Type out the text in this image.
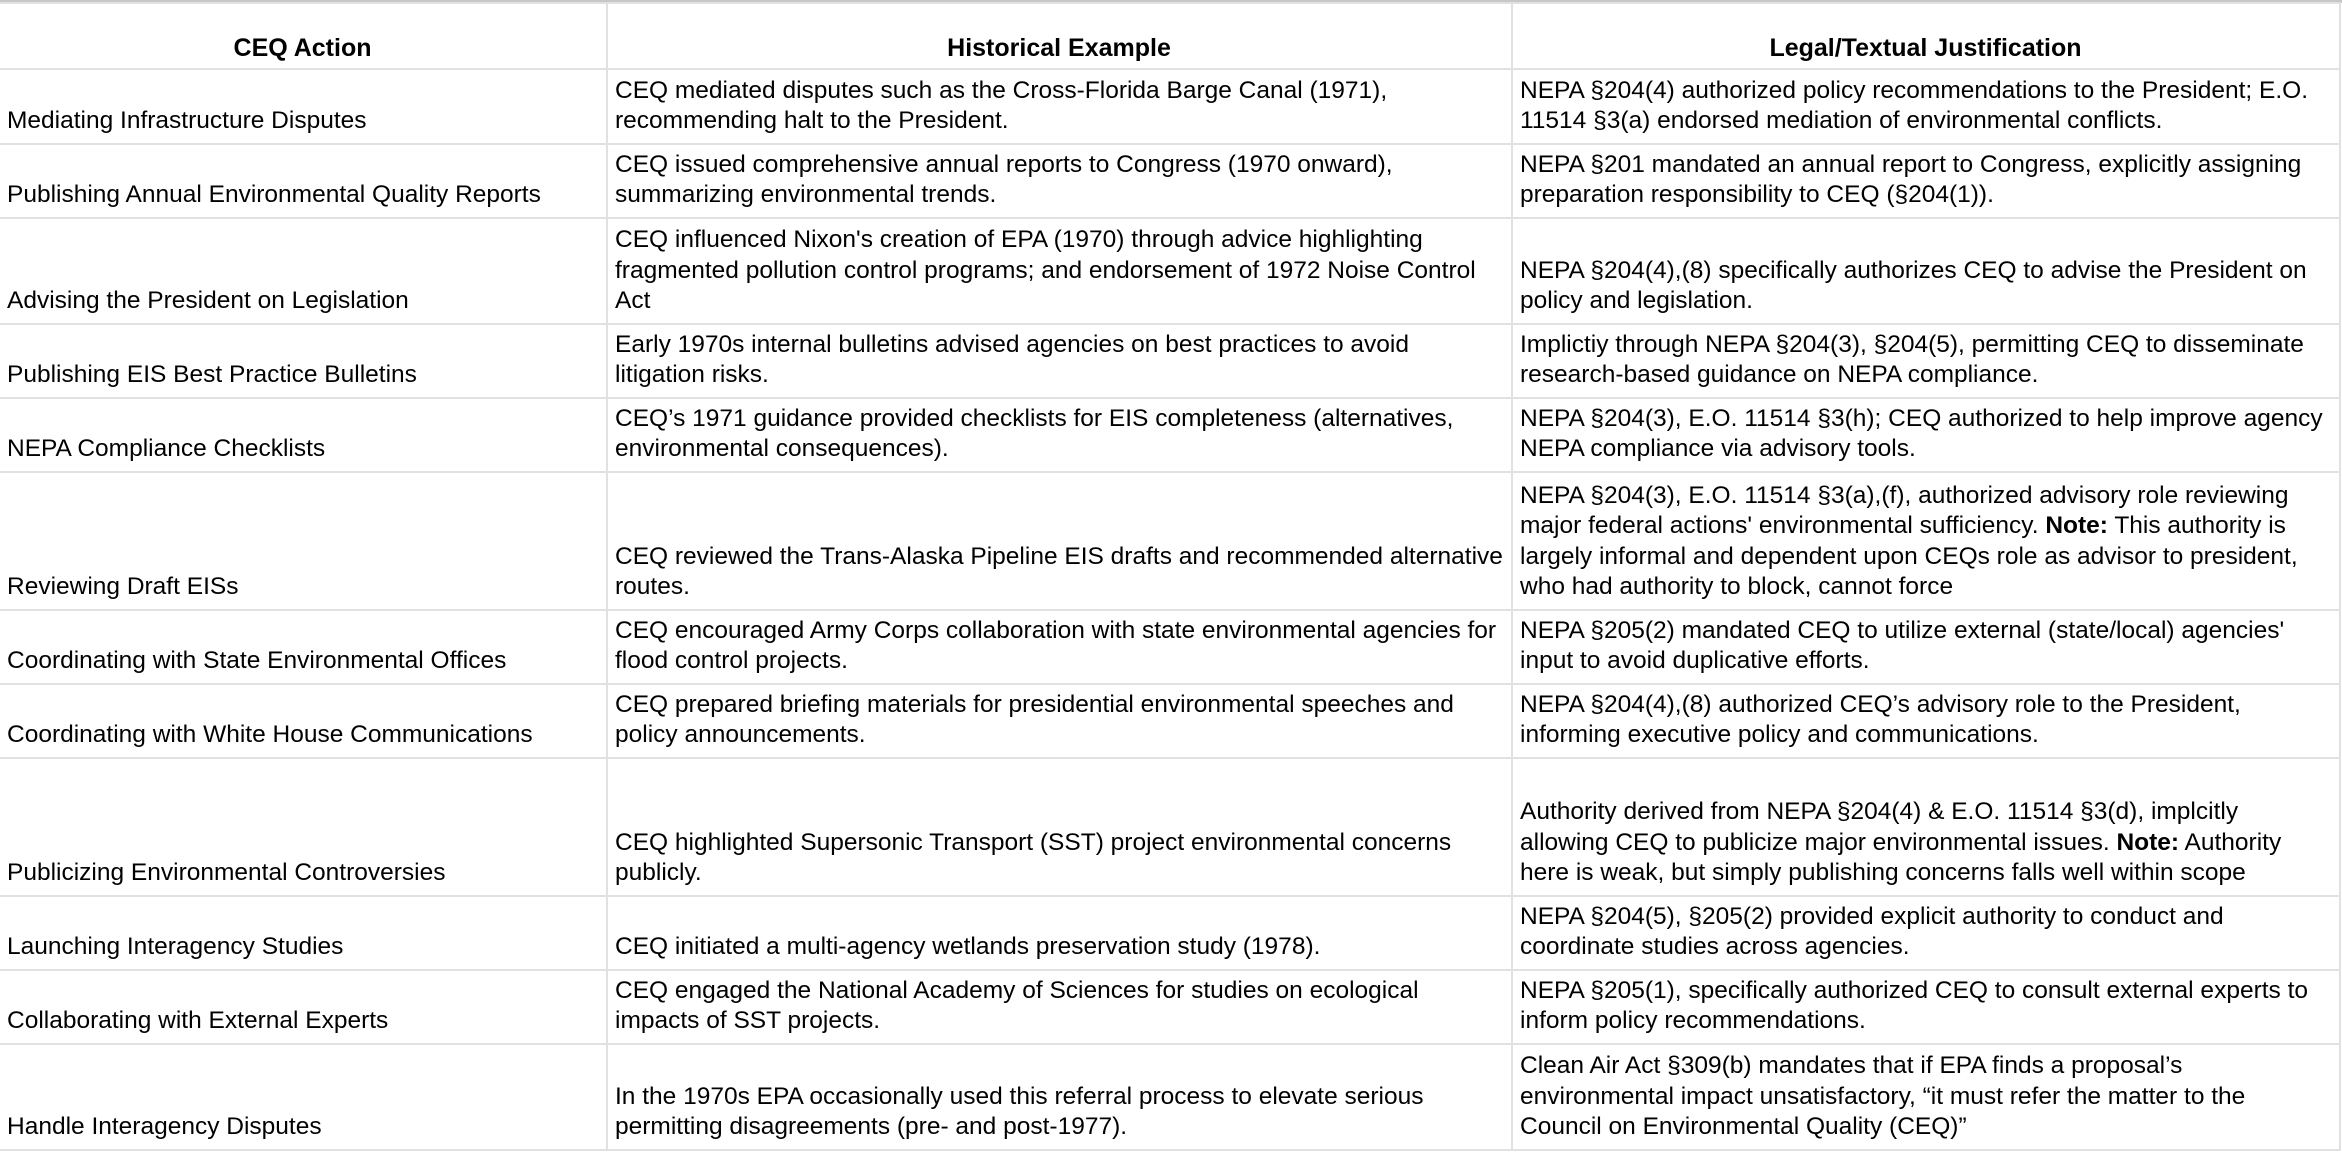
CEQ Action	Historical Example	Legal/Textual Justification
Mediating Infrastructure Disputes	CEQ mediated disputes such as the Cross-Florida Barge Canal (1971), recommending halt to the President.	NEPA §204(4) authorized policy recommendations to the President; E.O. 11514 §3(a) endorsed mediation of environmental conflicts.
Publishing Annual Environmental Quality Reports	CEQ issued comprehensive annual reports to Congress (1970 onward), summarizing environmental trends.	NEPA §201 mandated an annual report to Congress, explicitly assigning preparation responsibility to CEQ (§204(1)).
Advising the President on Legislation	CEQ influenced Nixon's creation of EPA (1970) through advice highlighting fragmented pollution control programs; and endorsement of 1972 Noise Control Act	NEPA §204(4),(8) specifically authorizes CEQ to advise the President on policy and legislation.
Publishing EIS Best Practice Bulletins	Early 1970s internal bulletins advised agencies on best practices to avoid litigation risks.	Implictiy through NEPA §204(3), §204(5), permitting CEQ to disseminate research-based guidance on NEPA compliance.
NEPA Compliance Checklists	CEQ’s 1971 guidance provided checklists for EIS completeness (alternatives, environmental consequences).	NEPA §204(3), E.O. 11514 §3(h); CEQ authorized to help improve agency NEPA compliance via advisory tools.
Reviewing Draft EISs	CEQ reviewed the Trans-Alaska Pipeline EIS drafts and recommended alternative routes.	NEPA §204(3), E.O. 11514 §3(a),(f), authorized advisory role reviewing major federal actions' environmental sufficiency. Note: This authority is largely informal and dependent upon CEQs role as advisor to president, who had authority to block, cannot force
Coordinating with State Environmental Offices	CEQ encouraged Army Corps collaboration with state environmental agencies for flood control projects.	NEPA §205(2) mandated CEQ to utilize external (state/local) agencies' input to avoid duplicative efforts.
Coordinating with White House Communications	CEQ prepared briefing materials for presidential environmental speeches and policy announcements.	NEPA §204(4),(8) authorized CEQ’s advisory role to the President, informing executive policy and communications.
Publicizing Environmental Controversies	CEQ highlighted Supersonic Transport (SST) project environmental concerns publicly.	Authority derived from NEPA §204(4) & E.O. 11514 §3(d), implcitly allowing CEQ to publicize major environmental issues. Note: Authority here is weak, but simply publishing concerns falls well within scope
Launching Interagency Studies	CEQ initiated a multi-agency wetlands preservation study (1978).	NEPA §204(5), §205(2) provided explicit authority to conduct and coordinate studies across agencies.
Collaborating with External Experts	CEQ engaged the National Academy of Sciences for studies on ecological impacts of SST projects.	NEPA §205(1), specifically authorized CEQ to consult external experts to inform policy recommendations.
Handle Interagency Disputes	In the 1970s EPA occasionally used this referral process to elevate serious permitting disagreements (pre- and post-1977).	Clean Air Act §309(b) mandates that if EPA finds a proposal’s environmental impact unsatisfactory, “it must refer the matter to the Council on Environmental Quality (CEQ)”
